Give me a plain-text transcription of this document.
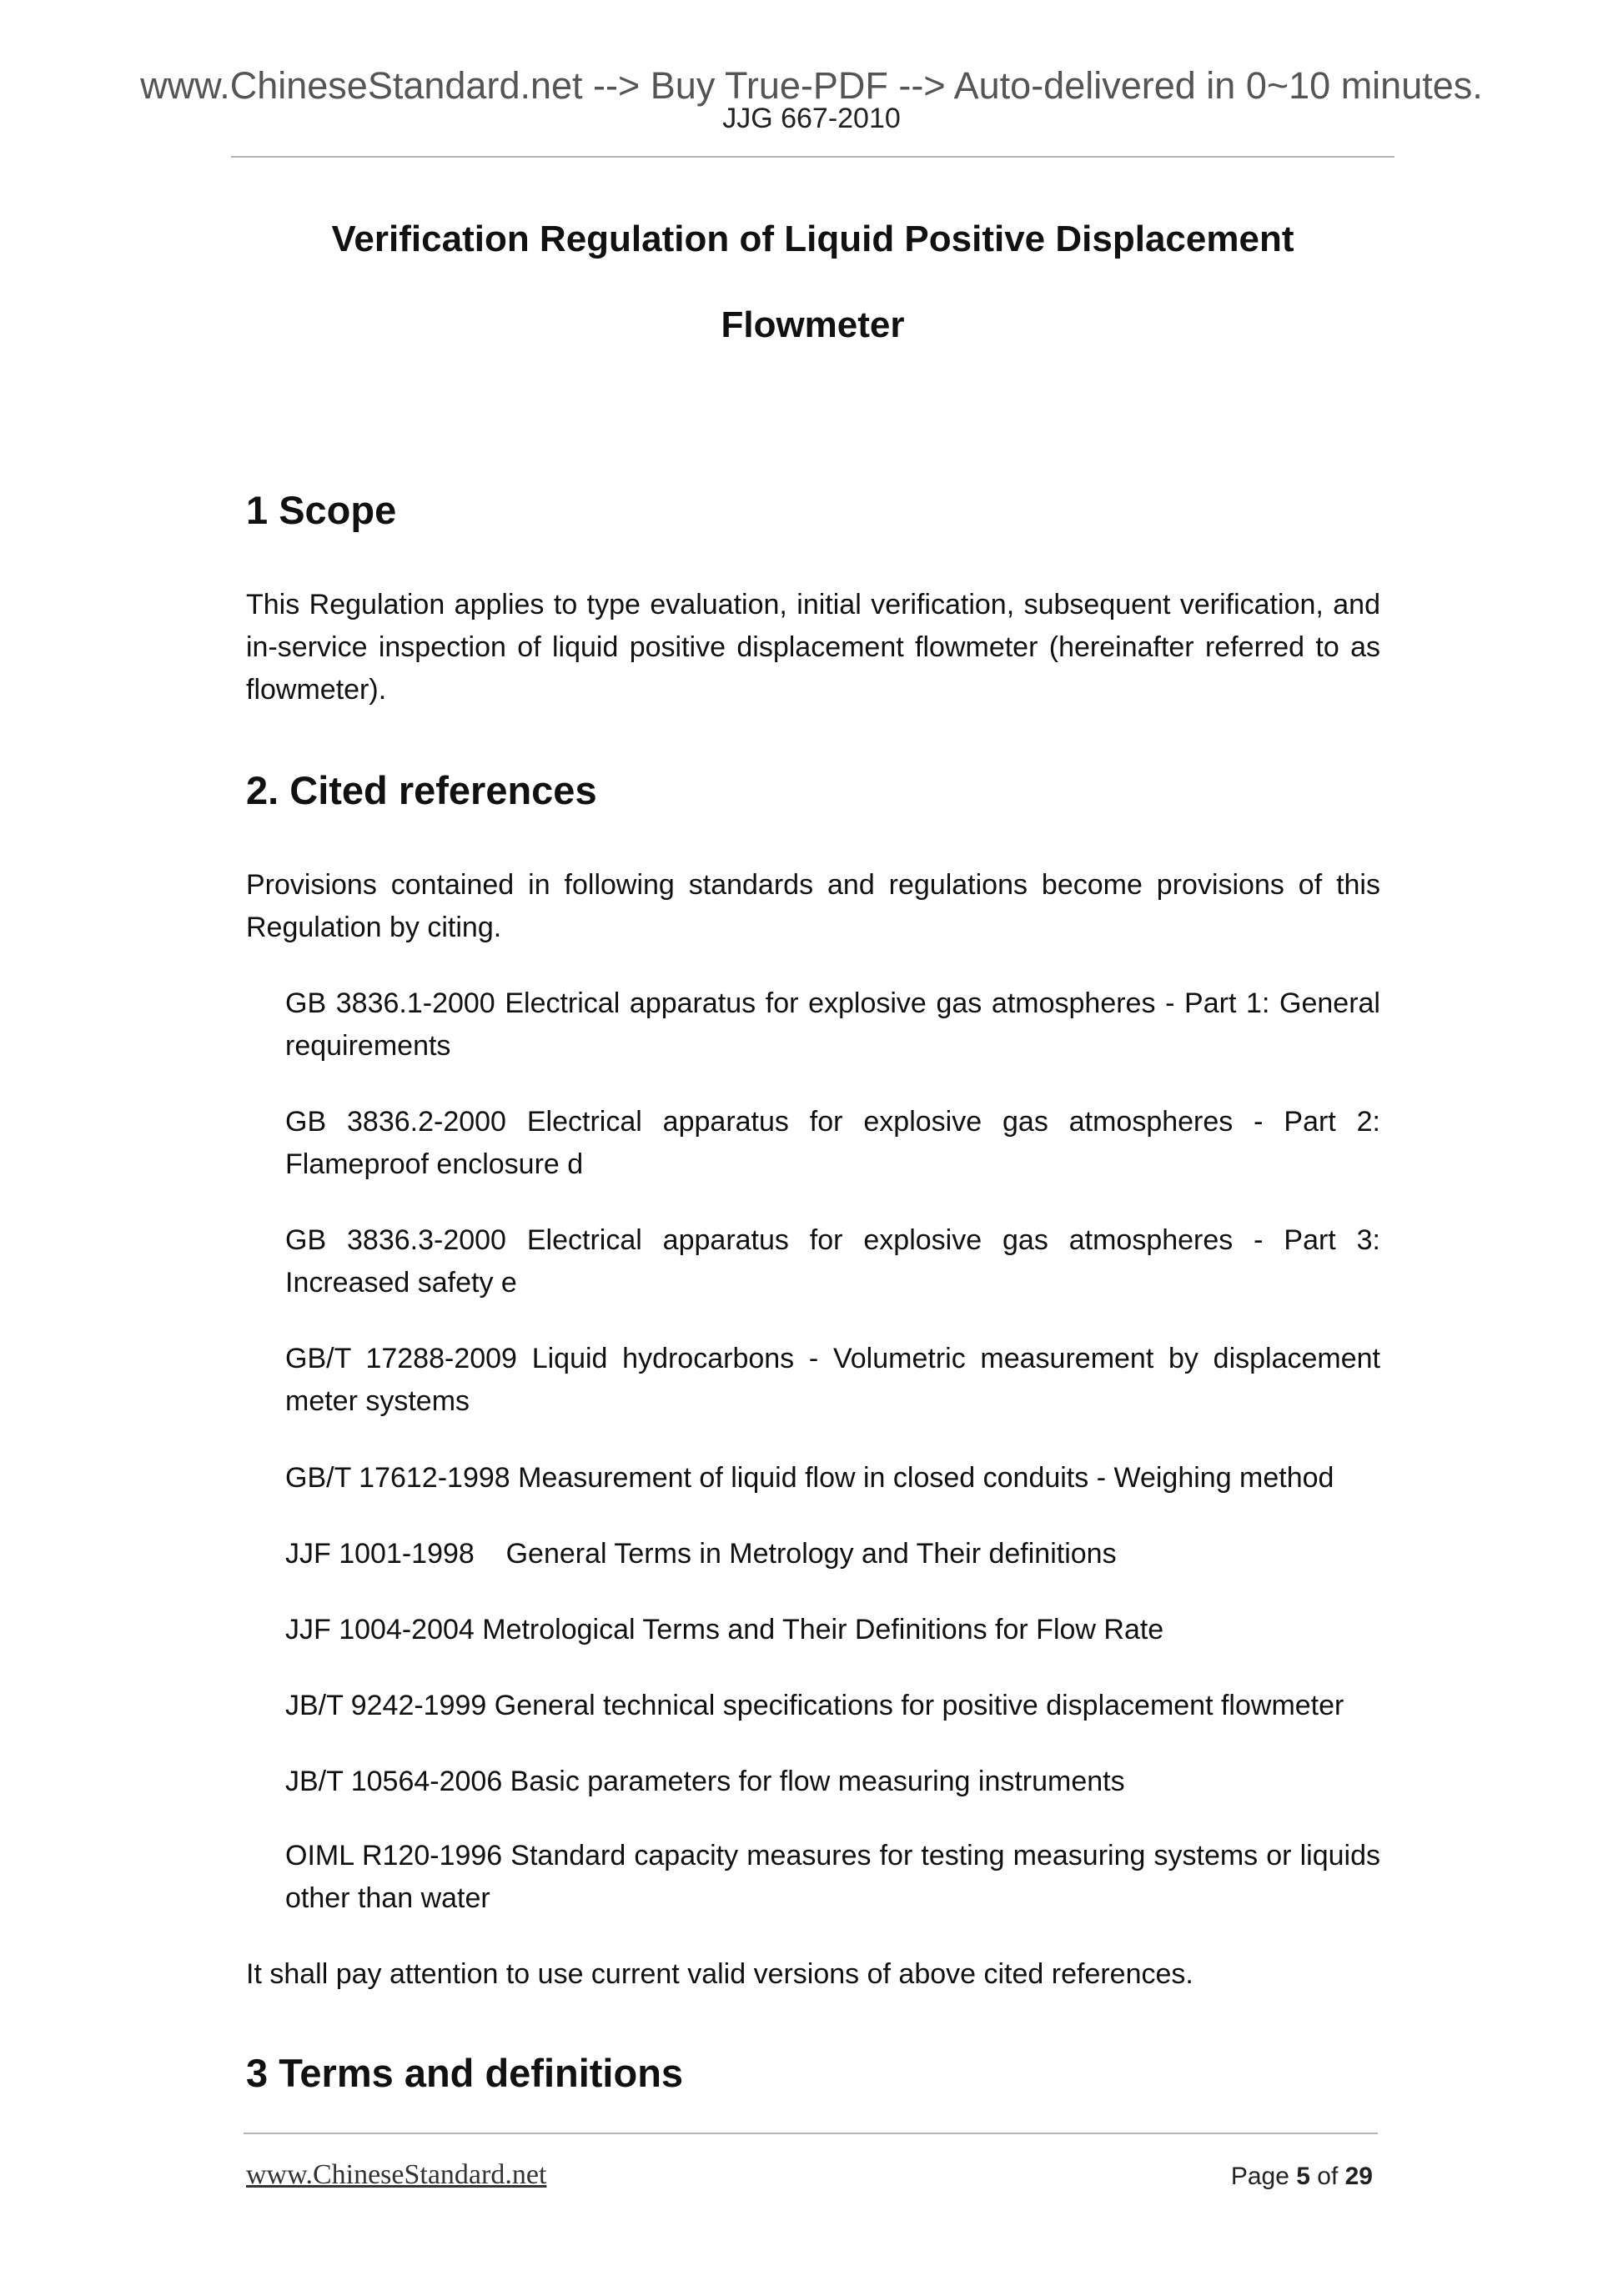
www.ChineseStandard.net --> Buy True-PDF --> Auto-delivered in 0~10 minutes.
JJG 667-2010
Verification Regulation of Liquid Positive Displacement
Flowmeter
1 Scope

This Regulation applies to type evaluation, initial verification, subsequent verification, and in-service inspection of liquid positive displacement flowmeter (hereinafter referred to as flowmeter).

2. Cited references

Provisions contained in following standards and regulations become provisions of this Regulation by citing.

GB 3836.1-2000 Electrical apparatus for explosive gas atmospheres - Part 1: General requirements

GB 3836.2-2000 Electrical apparatus for explosive gas atmospheres - Part 2: Flameproof enclosure d

GB 3836.3-2000 Electrical apparatus for explosive gas atmospheres - Part 3: Increased safety e

GB/T 17288-2009 Liquid hydrocarbons - Volumetric measurement by displacement meter systems

GB/T 17612-1998 Measurement of liquid flow in closed conduits - Weighing method

JJF 1001-1998    General Terms in Metrology and Their definitions

JJF 1004-2004 Metrological Terms and Their Definitions for Flow Rate

JB/T 9242-1999 General technical specifications for positive displacement flowmeter

JB/T 10564-2006 Basic parameters for flow measuring instruments

OIML R120-1996 Standard capacity measures for testing measuring systems or liquids other than water

It shall pay attention to use current valid versions of above cited references.

3 Terms and definitions
www.ChineseStandard.net	Page 5 of 29
